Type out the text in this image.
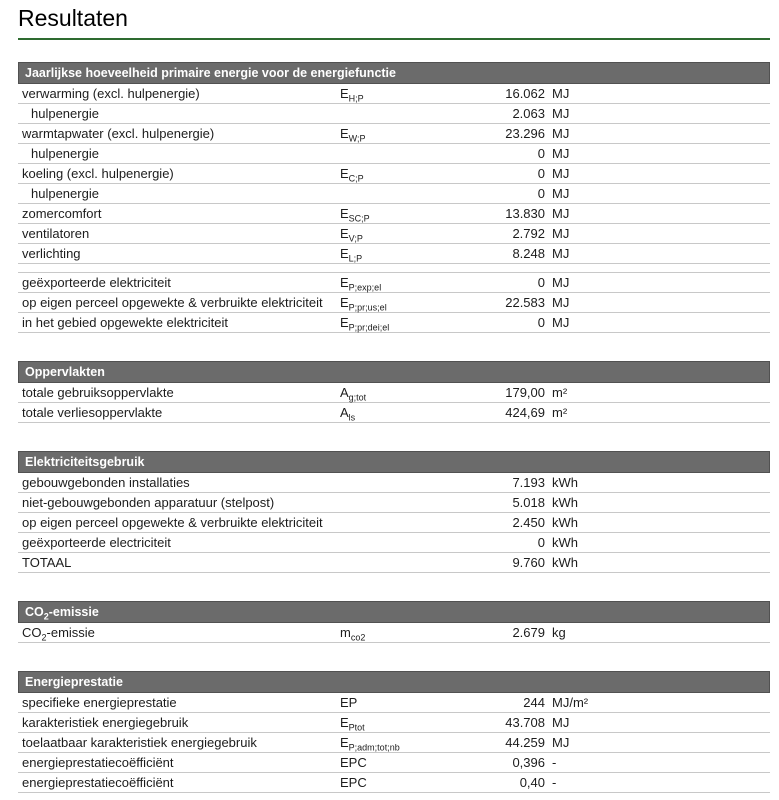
Resultaten
Jaarlijkse hoeveelheid primaire energie voor de energiefunctie
verwarming (excl. hulpenergie)	$E_{H;P}$	16.062 MJ
hulpenergie	2.063 MJ
warmtapwater (excl. hulpenergie)	$E_{W;P}$	23.296 MJ
hulpenergie	0 MJ
koeling (excl. hulpenergie)	$E_{C;P}$	0 MJ
hulpenergie	0 MJ
zomercomfort	$E_{SC;P}$	13.830 MJ
ventilatoren	$E_{V;P}$	2.792 MJ
verlichting	$E_{L;P}$	8.248 MJ
geëxporteerde elektriciteit	$E_{P;exp;el}$	0 MJ
op eigen perceel opgewekte & verbruikte elektriciteit	$E_{P;pr;us;el}$	22.583 MJ
in het gebied opgewekte elektriciteit	$E_{P;pr;dei;el}$	0 MJ
Oppervlakten
totale gebruiksoppervlakte	$A_{g;tot}$	179,00 m²
totale verliesoppervlakte	$A_{ls}$	424,69 m²
Elektriciteitsgebruik
gebouwgebonden installaties	7.193 kWh
niet-gebouwgebonden apparatuur (stelpost)	5.018 kWh
op eigen perceel opgewekte & verbruikte elektriciteit	2.450 kWh
geëxporteerde electriciteit	0 kWh
TOTAAL	9.760 kWh
$CO_2$-emissie
$CO_2$-emissie	$m_{co2}$	2.679 kg
Energieprestatie
specifieke energieprestatie	EP	244 MJ/m²
karakteristiek energiegebruik	$E_{Ptot}$	43.708 MJ
toelaatbaar karakteristiek energiegebruik	$E_{P;adm;tot;nb}$	44.259 MJ
energieprestatiecoëfficiënt	EPC	0,396 -
energieprestatiecoëfficiënt	EPC	0,40 -
